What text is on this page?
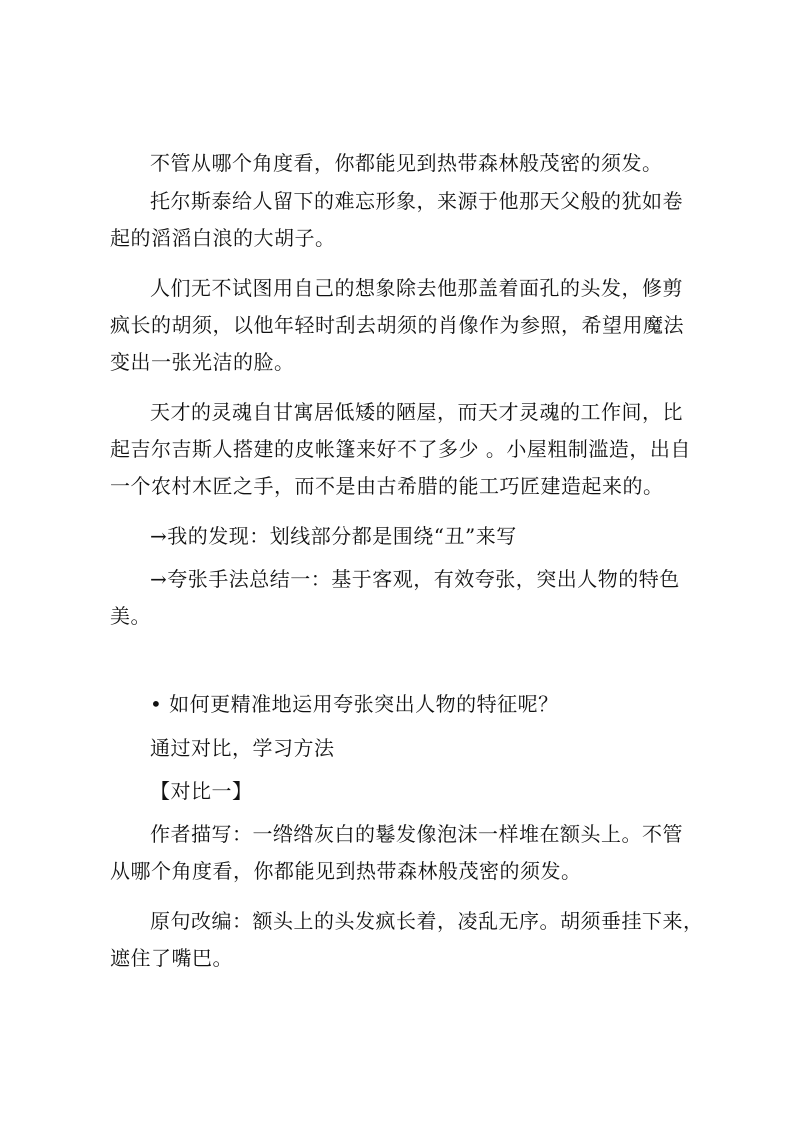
不管从哪个角度看，你都能见到热带森林般茂密的须发。

托尔斯泰给人留下的难忘形象，来源于他那天父般的犹如卷

起的滔滔白浪的大胡子。

人们无不试图用自己的想象除去他那盖着面孔的头发，修剪

疯长的胡须，以他年轻时刮去胡须的肖像作为参照，希望用魔法

变出一张光洁的脸。

天才的灵魂自甘寓居低矮的陋屋，而天才灵魂的工作间，比

起吉尔吉斯人搭建的皮帐篷来好不了多少 。小屋粗制滥造，出自

一个农村木匠之手，而不是由古希腊的能工巧匠建造起来的。

→我的发现：划线部分都是围绕“丑”来写

→夸张手法总结一：基于客观，有效夸张，突出人物的特色

美。

• 如何更精准地运用夸张突出人物的特征呢？

通过对比，学习方法

【对比一】

作者描写：一绺绺灰白的鬈发像泡沫一样堆在额头上。不管

从哪个角度看，你都能见到热带森林般茂密的须发。

原句改编：额头上的头发疯长着，凌乱无序。胡须垂挂下来，

遮住了嘴巴。
